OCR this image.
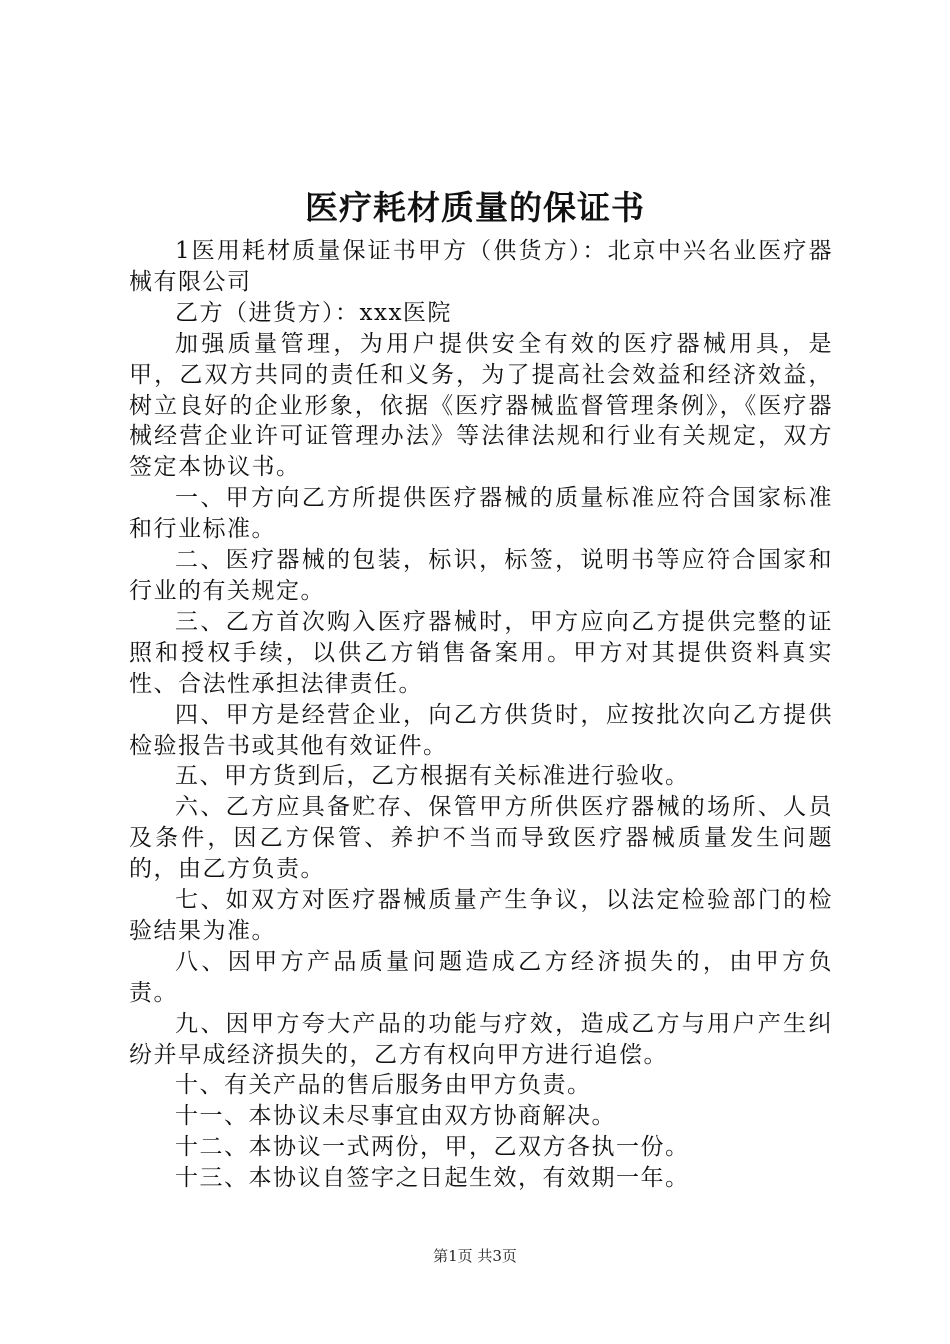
医疗耗材质量的保证书

1医用耗材质量保证书甲方（供货方）：北京中兴名业医疗器械有限公司

乙方（进货方）：xxx医院

加强质量管理，为用户提供安全有效的医疗器械用具，是甲，乙双方共同的责任和义务，为了提高社会效益和经济效益，树立良好的企业形象，依据《医疗器械监督管理条例》，《医疗器械经营企业许可证管理办法》等法律法规和行业有关规定，双方签定本协议书。

一、甲方向乙方所提供医疗器械的质量标准应符合国家标准和行业标准。

二、医疗器械的包装，标识，标签，说明书等应符合国家和行业的有关规定。

三、乙方首次购入医疗器械时，甲方应向乙方提供完整的证照和授权手续，以供乙方销售备案用。甲方对其提供资料真实性、合法性承担法律责任。

四、甲方是经营企业，向乙方供货时，应按批次向乙方提供检验报告书或其他有效证件。

五、甲方货到后，乙方根据有关标准进行验收。

六、乙方应具备贮存、保管甲方所供医疗器械的场所、人员及条件，因乙方保管、养护不当而导致医疗器械质量发生问题的，由乙方负责。

七、如双方对医疗器械质量产生争议，以法定检验部门的检验结果为准。

八、因甲方产品质量问题造成乙方经济损失的，由甲方负责。

九、因甲方夸大产品的功能与疗效，造成乙方与用户产生纠纷并早成经济损失的，乙方有权向甲方进行追偿。

十、有关产品的售后服务由甲方负责。

十一、本协议未尽事宜由双方协商解决。

十二、本协议一式两份，甲，乙双方各执一份。

十三、本协议自签字之日起生效，有效期一年。

第1页 共3页
